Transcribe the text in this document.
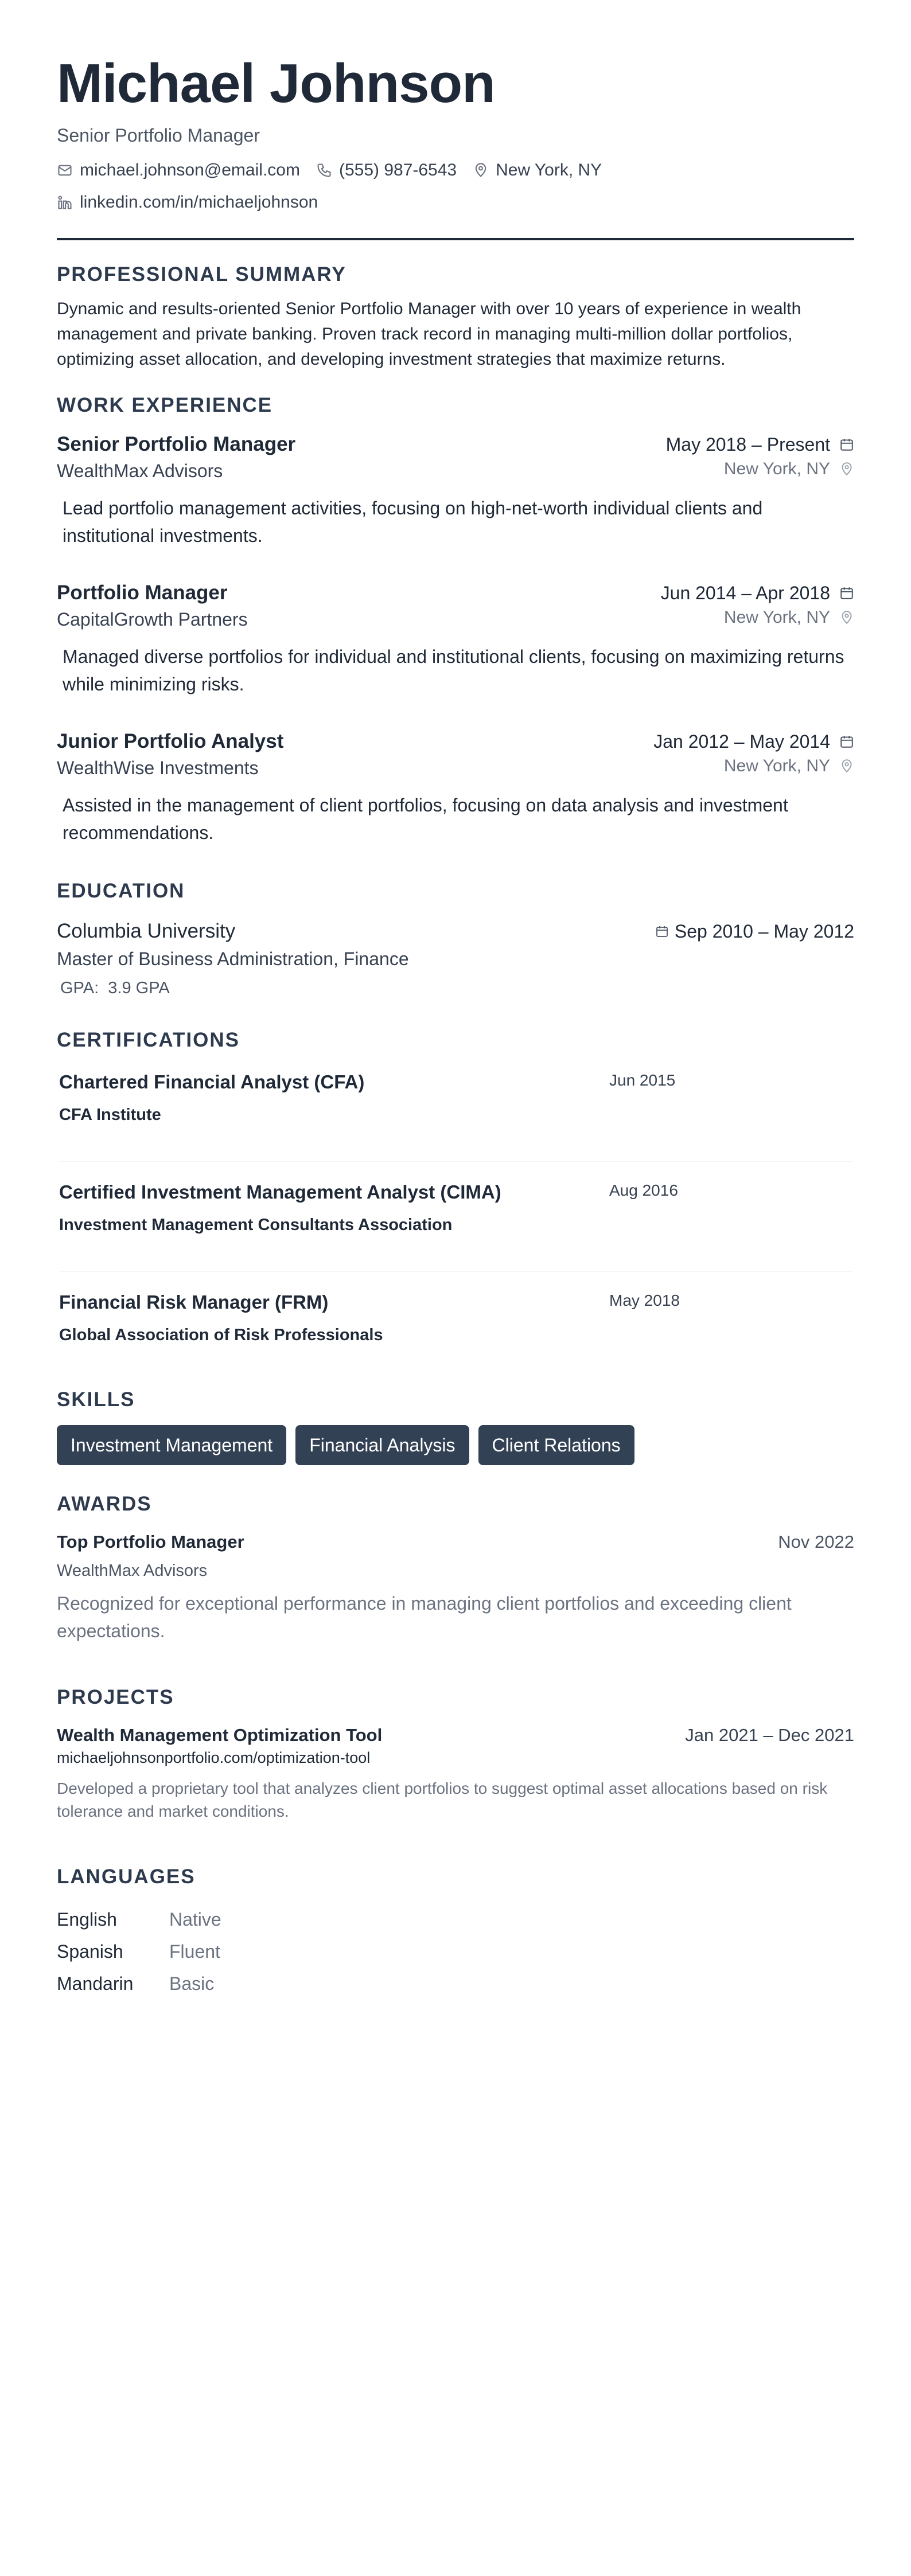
Michael Johnson
Senior Portfolio Manager
michael.johnson@email.com (555) 987-6543 New York, NY
linkedin.com/in/michaeljohnson
PROFESSIONAL SUMMARY

Dynamic and results-oriented Senior Portfolio Manager with over 10 years of experience in wealth management and private banking. Proven track record in managing multi-million dollar portfolios, optimizing asset allocation, and developing investment strategies that maximize returns.

WORK EXPERIENCE
Senior Portfolio Manager	May 2018 – Present
WealthMax Advisors	New York, NY

Lead portfolio management activities, focusing on high-net-worth individual clients and institutional investments.

Portfolio Manager	Jun 2014 – Apr 2018
CapitalGrowth Partners	New York, NY

Managed diverse portfolios for individual and institutional clients, focusing on maximizing returns while minimizing risks.

Junior Portfolio Analyst	Jan 2012 – May 2014
WealthWise Investments	New York, NY

Assisted in the management of client portfolios, focusing on data analysis and investment recommendations.

EDUCATION
Columbia University	Sep 2010 – May 2012
Master of Business Administration, Finance
GPA: 3.9 GPA
CERTIFICATIONS
Chartered Financial Analyst (CFA)
CFA Institute
Jun 2015
Certified Investment Management Analyst (CIMA)
Investment Management Consultants Association
Aug 2016
Financial Risk Manager (FRM)
Global Association of Risk Professionals
May 2018
SKILLS
Investment Management	Financial Analysis	Client Relations
AWARDS
Top Portfolio Manager	Nov 2022
WealthMax Advisors

Recognized for exceptional performance in managing client portfolios and exceeding client expectations.

PROJECTS
Wealth Management Optimization Tool	Jan 2021 – Dec 2021
michaeljohnsonportfolio.com/optimization-tool

Developed a proprietary tool that analyzes client portfolios to suggest optimal asset allocations based on risk tolerance and market conditions.

LANGUAGES
English	Native
Spanish	Fluent
Mandarin	Basic
